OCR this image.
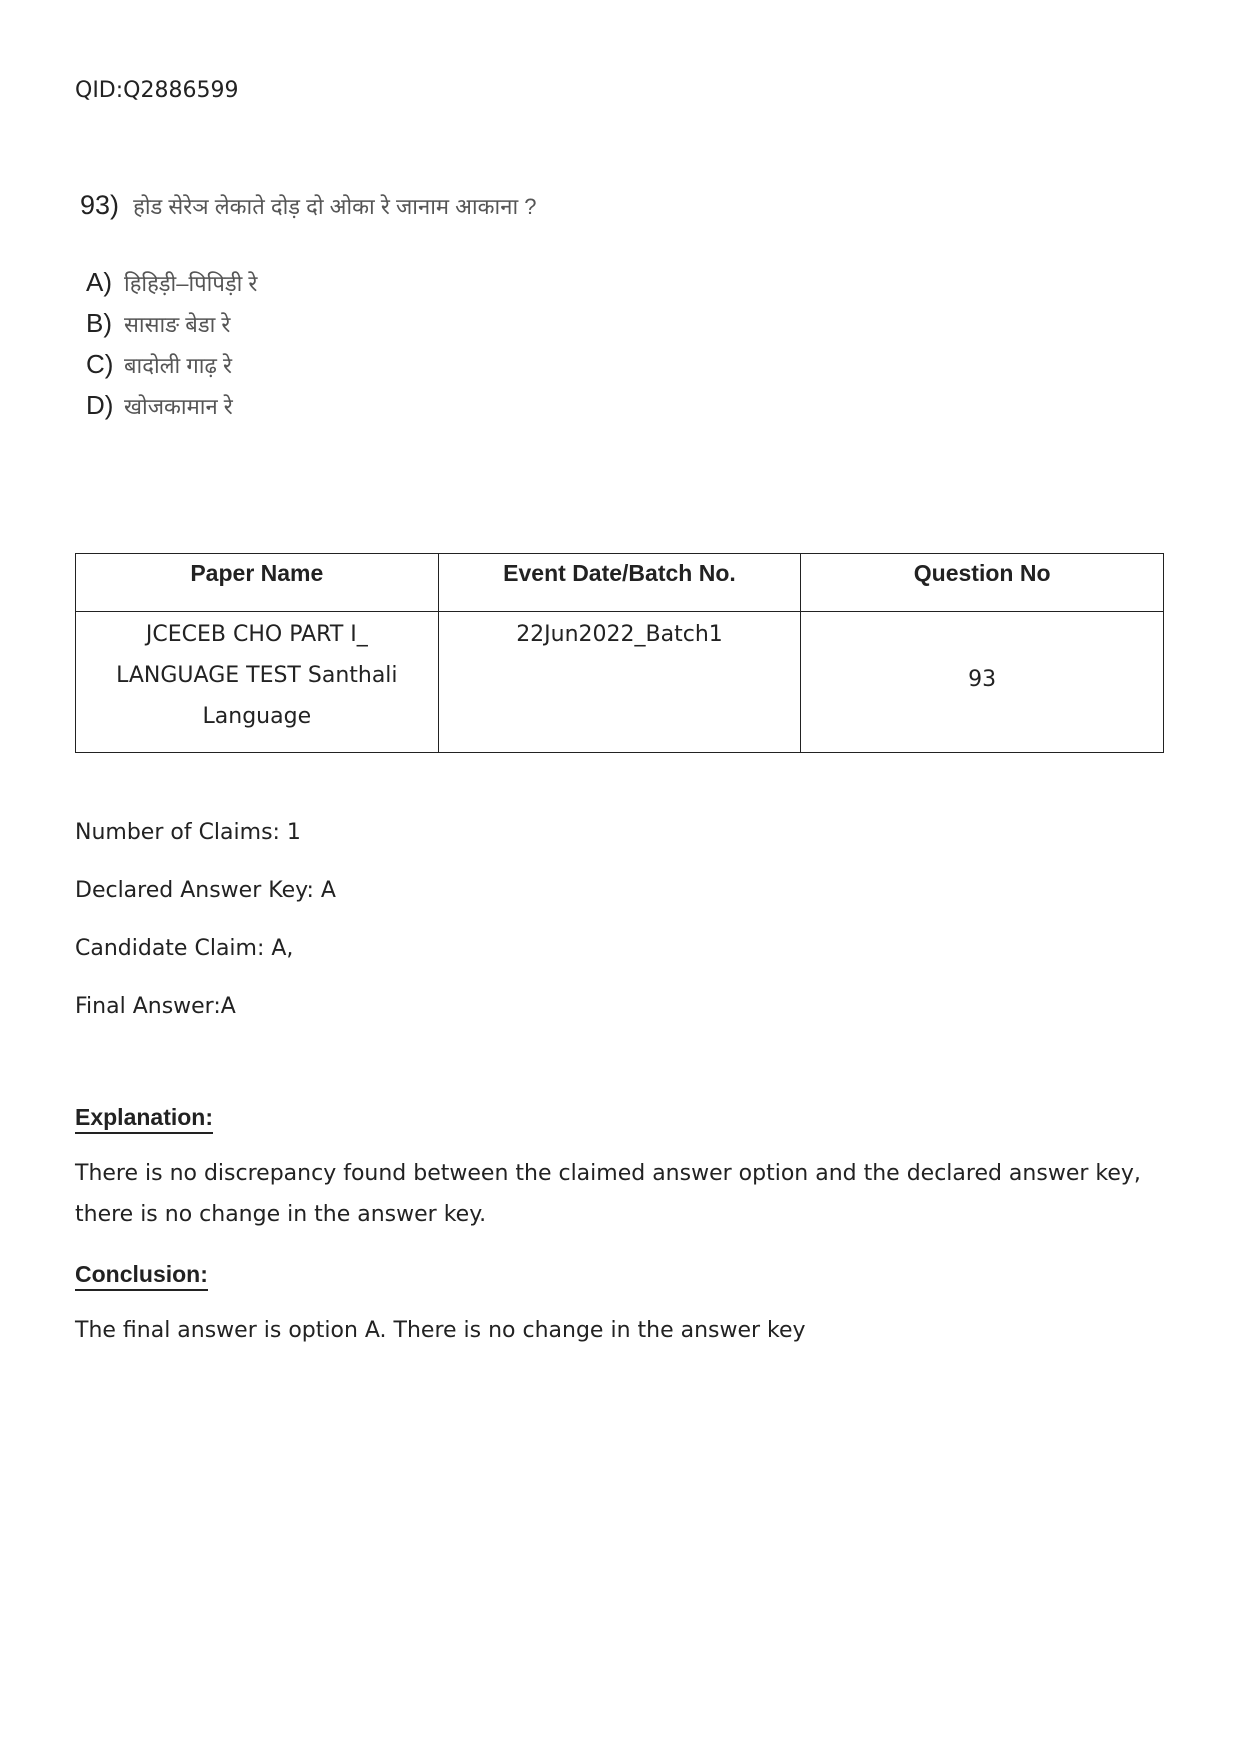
QID:Q2886599
93) होड सेरेञ लेकाते दोड़ दो ओका रे जानाम आकाना ?
A) हिहिड़ी–पिपिड़ी रे
B) सासाङ बेडा रे
C) बादोली गाढ़ रे
D) खोजकामान रे
Paper Name	Event Date/Batch No.	Question No
JCECEB CHO PART I_ LANGUAGE TEST Santhali Language	22Jun2022_Batch1	93
Number of Claims: 1
Declared Answer Key: A
Candidate Claim: A,
Final Answer:A
Explanation:
There is no discrepancy found between the claimed answer option and the declared answer key, there is no change in the answer key.
Conclusion:
The final answer is option A. There is no change in the answer key
